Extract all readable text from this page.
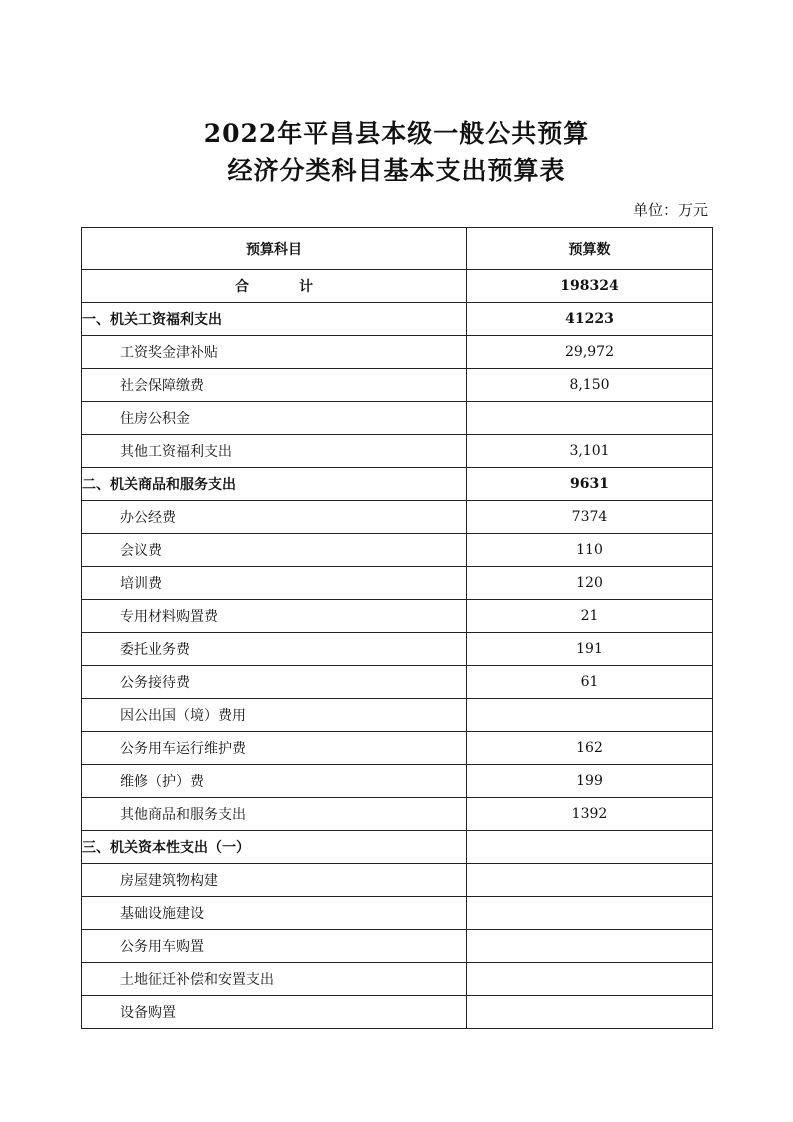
2022年平昌县本级一般公共预算
经济分类科目基本支出预算表
单位：万元
预算科目	预算数
合 计	198324
一、机关工资福利支出	41223
工资奖金津补贴	29,972
社会保障缴费	8,150
住房公积金	
其他工资福利支出	3,101
二、机关商品和服务支出	9631
办公经费	7374
会议费	110
培训费	120
专用材料购置费	21
委托业务费	191
公务接待费	61
因公出国（境）费用	
公务用车运行维护费	162
维修（护）费	199
其他商品和服务支出	1392
三、机关资本性支出（一）	
房屋建筑物构建	
基础设施建设	
公务用车购置	
土地征迁补偿和安置支出	
设备购置	
